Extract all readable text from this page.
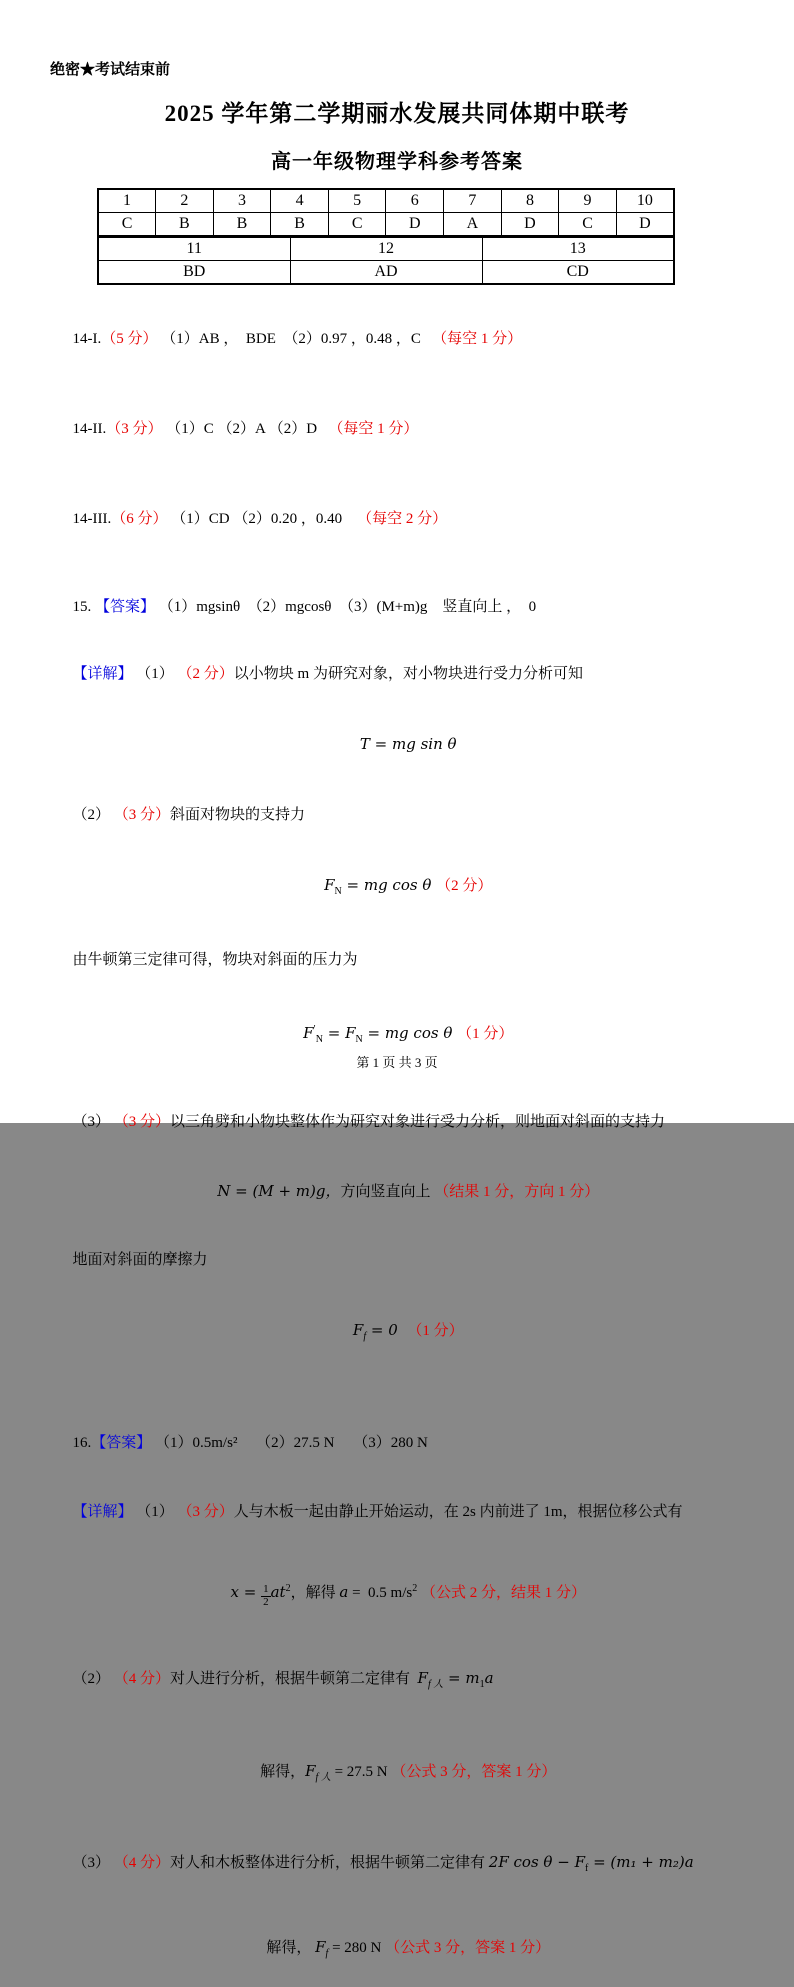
绝密★考试结束前
2025 学年第二学期丽水发展共同体期中联考
高一年级物理学科参考答案
1	2	3	4	5	6	7	8	9	10
C	B	B	B	C	D	A	D	C	D
11	12	13
BD	AD	CD

14-I.（5 分） （1）AB ，  BDE  （2）0.97 ，0.48 ，C   （每空 1 分）

14-II.（3 分） （1）C （2）A （2）D   （每空 1 分）

14-III.（6 分） （1）CD （2）0.20 ，0.40    （每空 2 分）

15. 【答案】 （1）mgsinθ　（2）mgcosθ　（3）(M+m)g　竖直向上 ，　0

【详解】 （1） （2 分）以小物块 m 为研究对象，对小物块进行受力分析可知

T = mg sin θ

（2） （3 分）斜面对物块的支持力

$F_N$ = mg cos θ （2 分）

由牛顿第三定律可得，物块对斜面的压力为

$F'_N = F_N$ = mg cos θ （1 分）

（3） （3 分）以三角劈和小物块整体作为研究对象进行受力分析，则地面对斜面的支持力

N = (M + m)g，方向竖直向上 （结果 1 分，方向 1 分）

地面对斜面的摩擦力

$F_f = 0$  （1 分）

16.【答案】 （1）0.5m/s²　 （2）27.5 N　 （3）280 N

【详解】 （1） （3 分）人与木板一起由静止开始运动，在 2s 内前进了 1m，根据位移公式有

$x = \frac{1}{2} at^2$，解得 a =  0.5 $m/s^2$ （公式 2 分，结果 1 分）

（2） （4 分）对人进行分析，根据牛顿第二定律有  $F_{f 人} = m_1a$

解得，$F_{f 人} = 27.5$ N （公式 3 分，答案 1 分）

（3） （4 分）对人和木板整体进行分析，根据牛顿第二定律有 2F $\cos \theta - F_f = (m_1 + m_2)a$

解得， $F_f = 280$ N （公式 3 分，答案 1 分）

第 1 页 共 3 页
